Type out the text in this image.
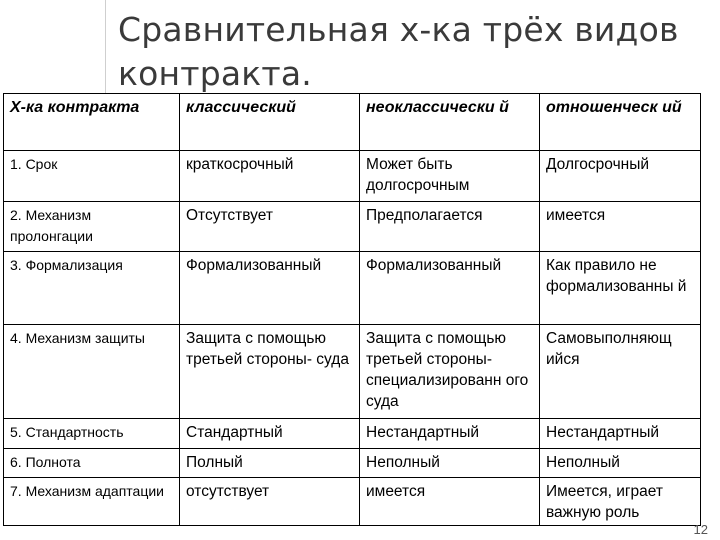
Сравнительная х-ка трёх видов контракта.
Х-ка контракта	классический	неоклассически й	отношенческ ий
1. Срок	краткосрочный	Может быть долгосрочным	Долгосрочный
2. Механизм пролонгации	Отсутствует	Предполагается	имеется
3. Формализация	Формализованный	Формализованный	Как правило не формализованны й
4. Механизм защиты	Защита с помощью третьей стороны- суда	Защита с помощью третьей стороны- специализированн ого суда	Самовыполняющ ийся
5. Стандартность	Стандартный	Нестандартный	Нестандартный
6. Полнота	Полный	Неполный	Неполный
7. Механизм адаптации	отсутствует	имеется	Имеется, играет важную роль
12
